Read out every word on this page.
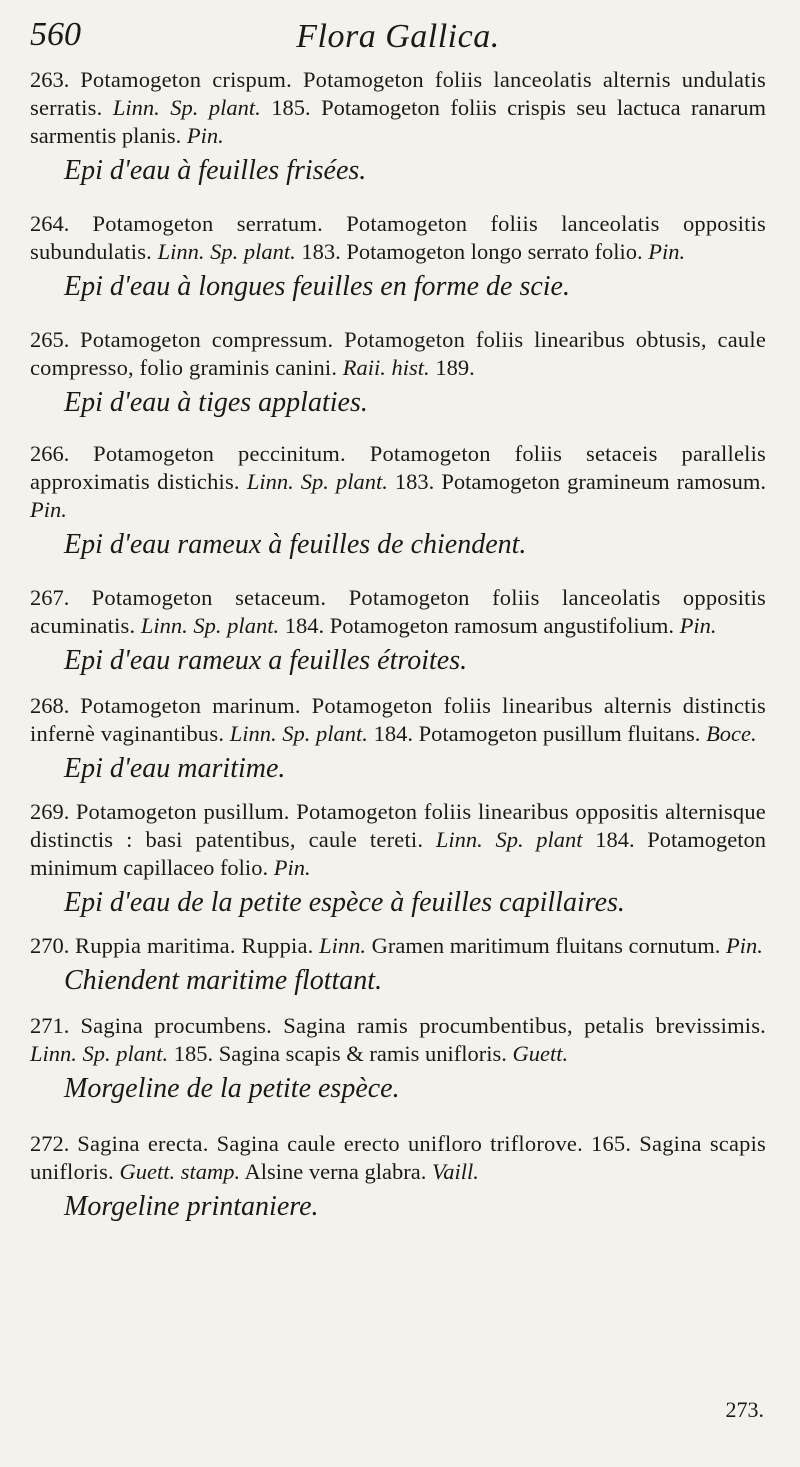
560	Flora Gallica.

263. Potamogeton crispum. Potamogeton foliis lanceolatis alternis undulatis serratis. Linn. Sp. plant. 185. Potamogeton foliis crispis seu lactuca ranarum sarmentis planis. Pin.

Epi d'eau à feuilles frisées.

264. Potamogeton serratum. Potamogeton foliis lanceolatis oppositis subundulatis. Linn. Sp. plant. 183. Potamogeton longo serrato folio. Pin.

Epi d'eau à longues feuilles en forme de scie.

265. Potamogeton compressum. Potamogeton foliis linearibus obtusis, caule compresso, folio graminis canini. Raii. hist. 189.

Epi d'eau à tiges applaties.

266. Potamogeton peccinitum. Potamogeton foliis setaceis parallelis approximatis distichis. Linn. Sp. plant. 183. Potamogeton gramineum ramosum. Pin.

Epi d'eau rameux à feuilles de chiendent.

267. Potamogeton setaceum. Potamogeton foliis lanceolatis oppositis acuminatis. Linn. Sp. plant. 184. Potamogeton ramosum angustifolium. Pin.

Epi d'eau rameux a feuilles étroites.

268. Potamogeton marinum. Potamogeton foliis linearibus alternis distinctis infernè vaginantibus. Linn. Sp. plant. 184. Potamogeton pusillum fluitans. Boce.

Epi d'eau maritime.

269. Potamogeton pusillum. Potamogeton foliis linearibus oppositis alternisque distinctis : basi patentibus, caule tereti. Linn. Sp. plant 184. Potamogeton minimum capillaceo folio. Pin.

Epi d'eau de la petite espèce à feuilles capillaires.

270. Ruppia maritima. Ruppia. Linn. Gramen maritimum fluitans cornutum. Pin.

Chiendent maritime flottant.

271. Sagina procumbens. Sagina ramis procumbentibus, petalis brevissimis. Linn. Sp. plant. 185. Sagina scapis & ramis unifloris. Guett.

Morgeline de la petite espèce.

272. Sagina erecta. Sagina caule erecto unifloro triflorove. 165. Sagina scapis unifloris. Guett. stamp. Alsine verna glabra. Vaill.

Morgeline printaniere.

273.
